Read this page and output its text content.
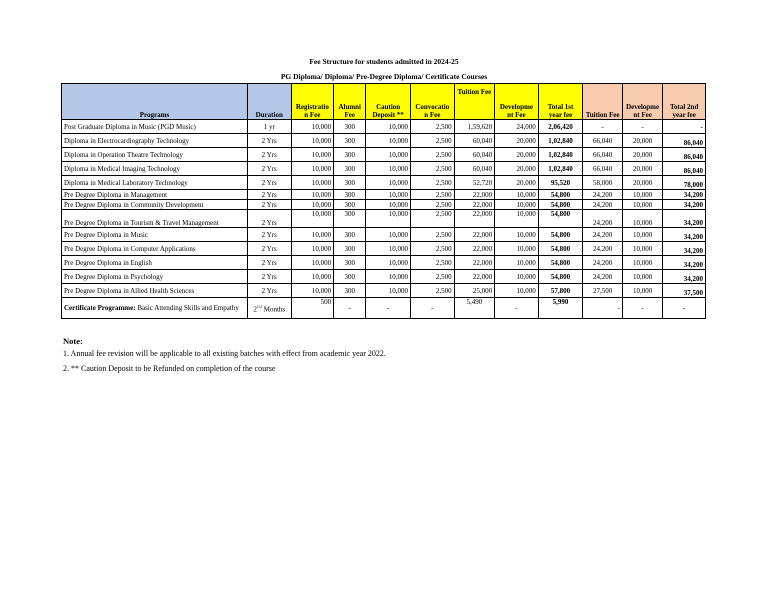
Fee Structure for students admitted in 2024-25
PG Diploma/ Diploma/ Pre-Degree Diploma/ Certificate Courses
Programs	Duration	Registratio n Fee	Alumni Fee	Caution Deposit **	Convocatio n Fee	Tuition Fee	Developme nt Fee	Total 1st year fee	Tuition Fee	Developme nt Fee	Total 2nd year fee
Post Graduate Diploma in Music (PGD Music)	1 yr	10,000	300	10,000	2,500	1,59,620	24,000	2,06,420	-	-	-
Diploma in Electrocardiography Technology	2 Yrs	10,000	300	10,000	2,500	60,040	20,000	1,02,840	66,040	20,000	86,040
Diploma in Operation Theatre Technology	2 Yrs	10,000	300	10,000	2,500	60,040	20,000	1,02,840	66,040	20,000	86,040
Diploma in Medical Imaging Technology	2 Yrs	10,000	300	10,000	2,500	60,040	20,000	1,02,840	66,040	20,000	86,040
Diploma in Medical Laboratory Technology	2 Yrs	10,000	300	10,000	2,500	52,720	20,000	95,520	58,000	20,000	78,000
Pre Degree Diploma in Management	2 Yrs	10,000	300	10,000	2,500	22,000	10,000	54,800	24,200	10,000	34,200
Pre Degree Diploma in Community Development	2 Yrs	10,000	300	10,000	2,500	22,000	10,000	54,800	24,200	10,000	34,200
Pre Degree Diploma in Tourism & Travel Management	2 Yrs	10,000	300	10,000	2,500	22,000	10,000	54,800	24,200	10,000	34,200
Pre Degree Diploma in Music	2 Yrs	10,000	300	10,000	2,500	22,000	10,000	54,800	24,200	10,000	34,200
Pre Degree Diploma in Computer Applications	2 Yrs	10,000	300	10,000	2,500	22,000	10,000	54,800	24,200	10,000	34,200
Pre Degree Diploma in English	2 Yrs	10,000	300	10,000	2,500	22,000	10,000	54,800	24,200	10,000	34,200
Pre Degree Diploma in Psychology	2 Yrs	10,000	300	10,000	2,500	22,000	10,000	54,800	24,200	10,000	34,200
Pre Degree Diploma in Allied Health Sciences	2 Yrs	10,000	300	10,000	2,500	25,000	10,000	57,800	27,500	10,000	37,500
Certificate Programme: Basic Attending Skills and Empathy	$2^{1/2}$ Months	500	-	-	-	5,490	-	5,990	-	-	-
Note:
1. Annual fee revision will be applicable to all existing batches with effect from academic year 2022.
2. ** Caution Deposit to be Refunded on completion of the course
